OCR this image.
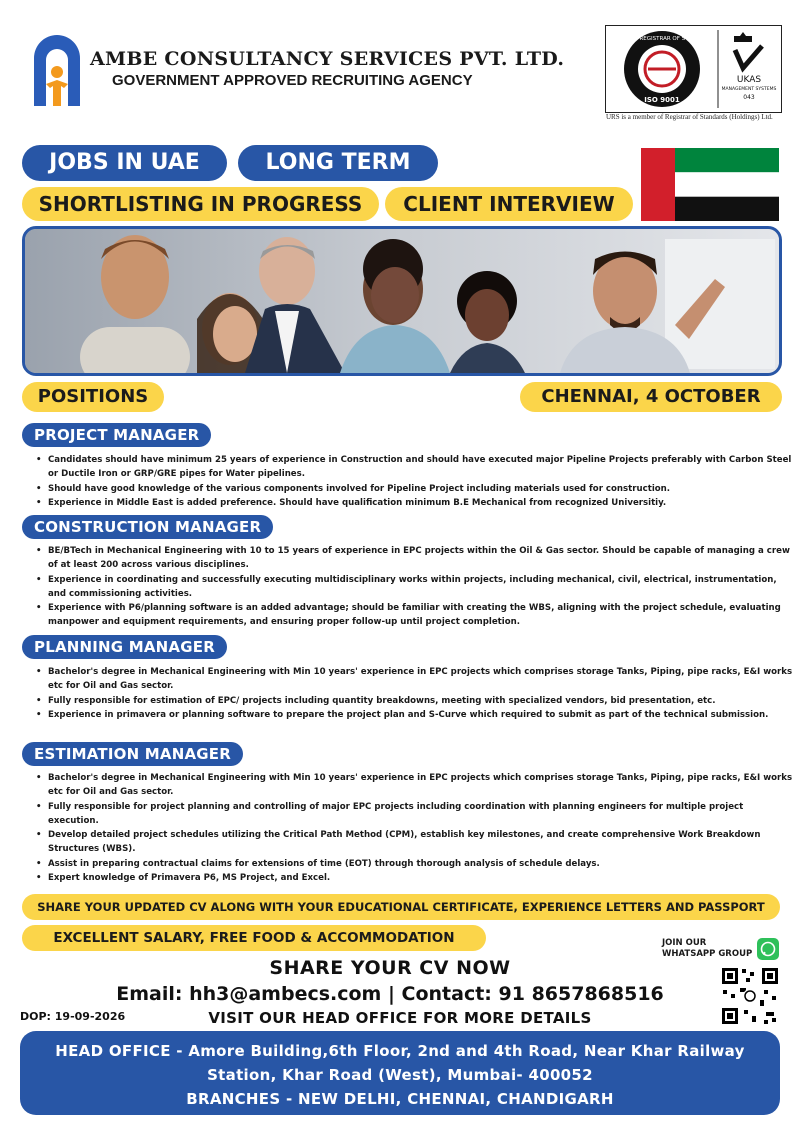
AMBE CONSULTANCY SERVICES PVT. LTD.
GOVERNMENT APPROVED RECRUITING AGENCY
UNITED REGISTRAR OF SYSTEMS
ISO 9001
UKAS
MANAGEMENT SYSTEMS
043
URS is a member of Registrar of Standards (Holdings) Ltd.
JOBS IN UAE	LONG TERM
SHORTLISTING IN PROGRESS	CLIENT INTERVIEW
POSITIONS	CHENNAI, 4 OCTOBER
PROJECT MANAGER
• Candidates should have minimum 25 years of experience in Construction and should have executed major Pipeline Projects preferably with Carbon Steel or Ductile Iron or GRP/GRE pipes for Water pipelines.
• Should have good knowledge of the various components involved for Pipeline Project including materials used for construction.
• Experience in Middle East is added preference. Should have qualification minimum B.E Mechanical from recognized Universitiy.
CONSTRUCTION MANAGER
• BE/BTech in Mechanical Engineering with 10 to 15 years of experience in EPC projects within the Oil & Gas sector. Should be capable of managing a crew of at least 200 across various disciplines.
• Experience in coordinating and successfully executing multidisciplinary works within projects, including mechanical, civil, electrical, instrumentation, and commissioning activities.
• Experience with P6/planning software is an added advantage; should be familiar with creating the WBS, aligning with the project schedule, evaluating manpower and equipment requirements, and ensuring proper follow-up until project completion.
PLANNING MANAGER
• Bachelor's degree in Mechanical Engineering with Min 10 years' experience in EPC projects which comprises storage Tanks, Piping, pipe racks, E&I works etc for Oil and Gas sector.
• Fully responsible for estimation of EPC/ projects including quantity breakdowns, meeting with specialized vendors, bid presentation, etc.
• Experience in primavera or planning software to prepare the project plan and S-Curve which required to submit as part of the technical submission.
ESTIMATION MANAGER
• Bachelor's degree in Mechanical Engineering with Min 10 years' experience in EPC projects which comprises storage Tanks, Piping, pipe racks, E&I works etc for Oil and Gas sector.
• Fully responsible for project planning and controlling of major EPC projects including coordination with planning engineers for multiple project execution.
• Develop detailed project schedules utilizing the Critical Path Method (CPM), establish key milestones, and create comprehensive Work Breakdown Structures (WBS).
• Assist in preparing contractual claims for extensions of time (EOT) through thorough analysis of schedule delays.
• Expert knowledge of Primavera P6, MS Project, and Excel.
SHARE YOUR UPDATED CV ALONG WITH YOUR EDUCATIONAL CERTIFICATE, EXPERIENCE LETTERS AND PASSPORT
EXCELLENT SALARY, FREE FOOD & ACCOMMODATION	JOIN OUR
WHATSAPP GROUP
SHARE YOUR CV NOW
Email: hh3@ambecs.com | Contact: 91 8657868516
VISIT OUR HEAD OFFICE FOR MORE DETAILS
DOP: 19-09-2026
HEAD OFFICE - Amore Building,6th Floor, 2nd and 4th Road, Near Khar Railway
Station, Khar Road (West), Mumbai- 400052
BRANCHES - NEW DELHI, CHENNAI, CHANDIGARH
